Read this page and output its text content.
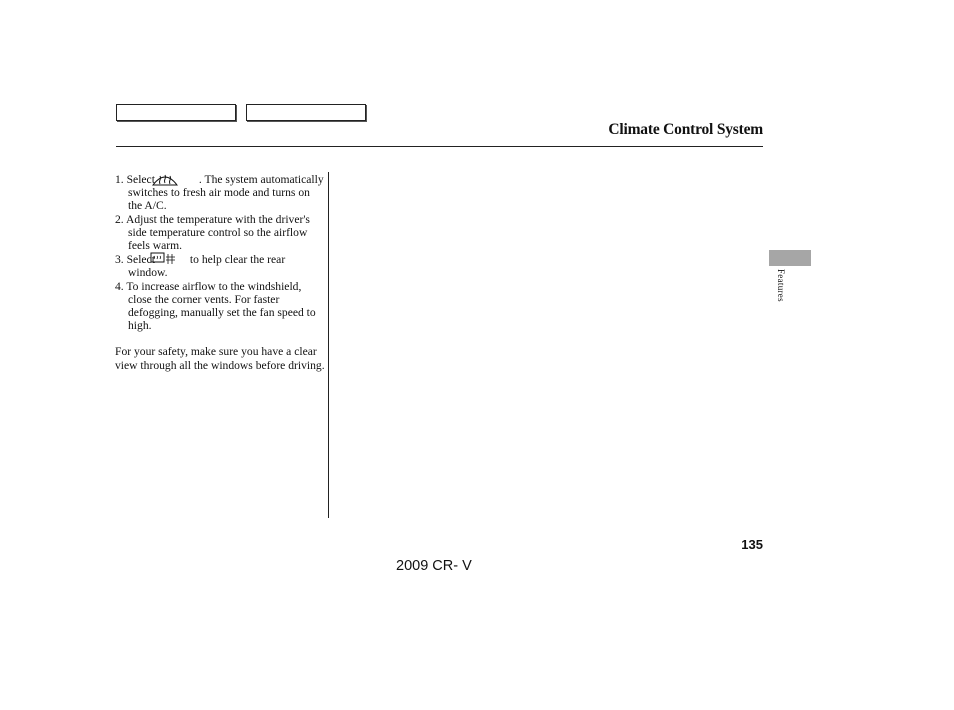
Climate Control System

1. Select	. The system automatically switches to fresh air mode and turns on the A/C.

2. Adjust the temperature with the driver's side temperature control so the airflow feels warm.

3. Select	to help clear the rear window.

4. To increase airflow to the windshield, close the corner vents. For faster defogging, manually set the fan speed to high.

For your safety, make sure you have a clear view through all the windows before driving.

Features
135
2009 CR- V
